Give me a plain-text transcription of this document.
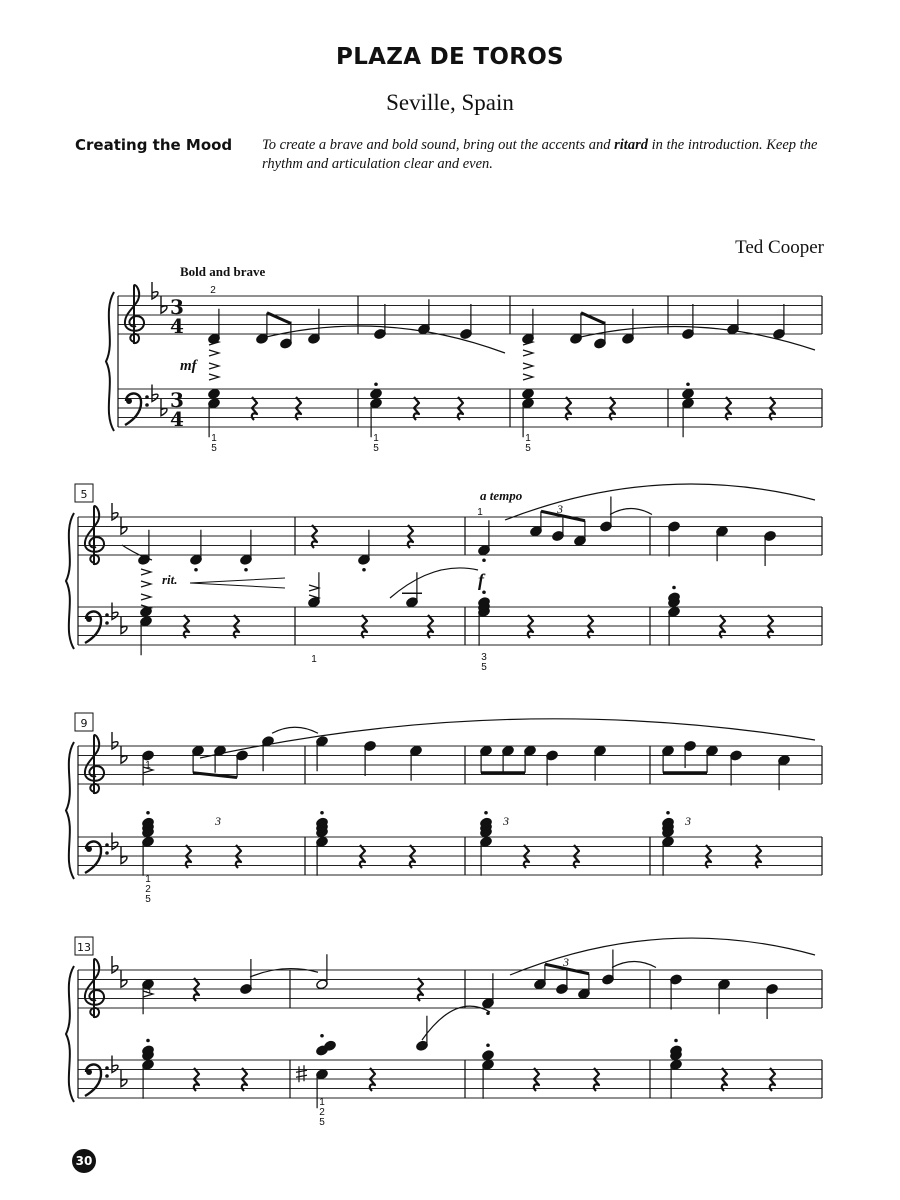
PLAZA DE TOROS
Seville, Spain
Creating the Mood To create a brave and bold sound, bring out the accents and ritard in the introduction. Keep the rhythm and articulation clear and even.
Ted Cooper
3
4
3
4
5
9
13
Bold and brave
2
mf
1
5
1
5
1
5
rit.
a tempo
1	3
f
1	3
5
1
3	3	3
1
2
5
3
3
1
2
5
30
